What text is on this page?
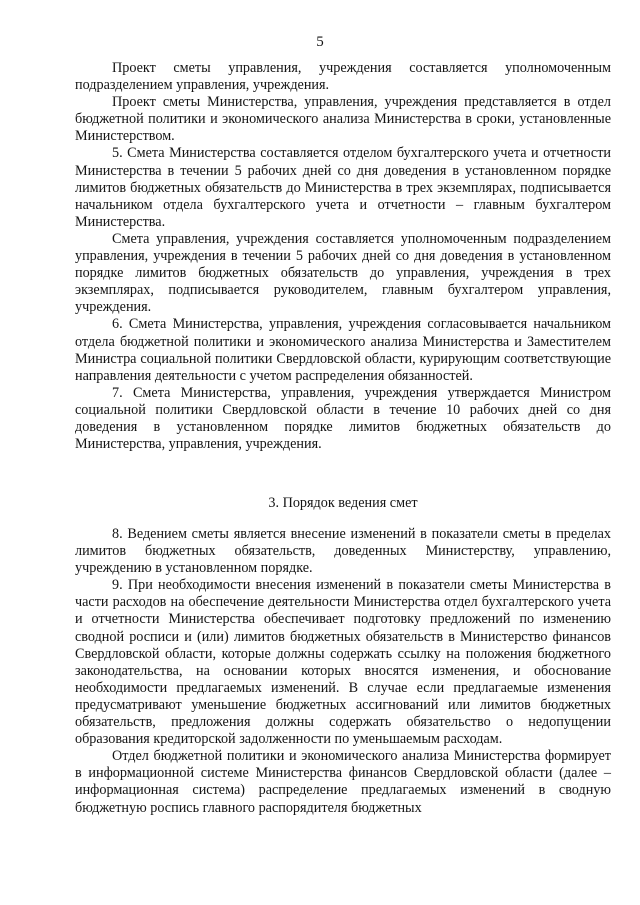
5

Проект сметы управления, учреждения составляется уполномоченным подразделением управления, учреждения.

Проект сметы Министерства, управления, учреждения представляется в отдел бюджетной политики и экономического анализа Министерства в сроки, установленные Министерством.

5. Смета Министерства составляется отделом бухгалтерского учета и отчетности Министерства в течении 5 рабочих дней со дня доведения в установленном порядке лимитов бюджетных обязательств до Министерства в трех экземплярах, подписывается начальником отдела бухгалтерского учета и отчетности – главным бухгалтером Министерства.

Смета управления, учреждения составляется уполномоченным подразделением управления, учреждения в течении 5 рабочих дней со дня доведения в установленном порядке лимитов бюджетных обязательств до управления, учреждения в трех экземплярах, подписывается руководителем, главным бухгалтером управления, учреждения.

6. Смета Министерства, управления, учреждения согласовывается начальником отдела бюджетной политики и экономического анализа Министерства и Заместителем Министра социальной политики Свердловской области, курирующим соответствующие направления деятельности с учетом распределения обязанностей.

7. Смета Министерства, управления, учреждения утверждается Министром социальной политики Свердловской области в течение 10 рабочих дней со дня доведения в установленном порядке лимитов бюджетных обязательств до Министерства, управления, учреждения.

3. Порядок ведения смет

8. Ведением сметы является внесение изменений в показатели сметы в пределах лимитов бюджетных обязательств, доведенных Министерству, управлению, учреждению в установленном порядке.

9. При необходимости внесения изменений в показатели сметы Министерства в части расходов на обеспечение деятельности Министерства отдел бухгалтерского учета и отчетности Министерства обеспечивает подготовку предложений по изменению сводной росписи и (или) лимитов бюджетных обязательств в Министерство финансов Свердловской области, которые должны содержать ссылку на положения бюджетного законодательства, на основании которых вносятся изменения, и обоснование необходимости предлагаемых изменений. В случае если предлагаемые изменения предусматривают уменьшение бюджетных ассигнований или лимитов бюджетных обязательств, предложения должны содержать обязательство о недопущении образования кредиторской задолженности по уменьшаемым расходам.

Отдел бюджетной политики и экономического анализа Министерства формирует в информационной системе Министерства финансов Свердловской области (далее – информационная система) распределение предлагаемых изменений в сводную бюджетную роспись главного распорядителя бюджетных
